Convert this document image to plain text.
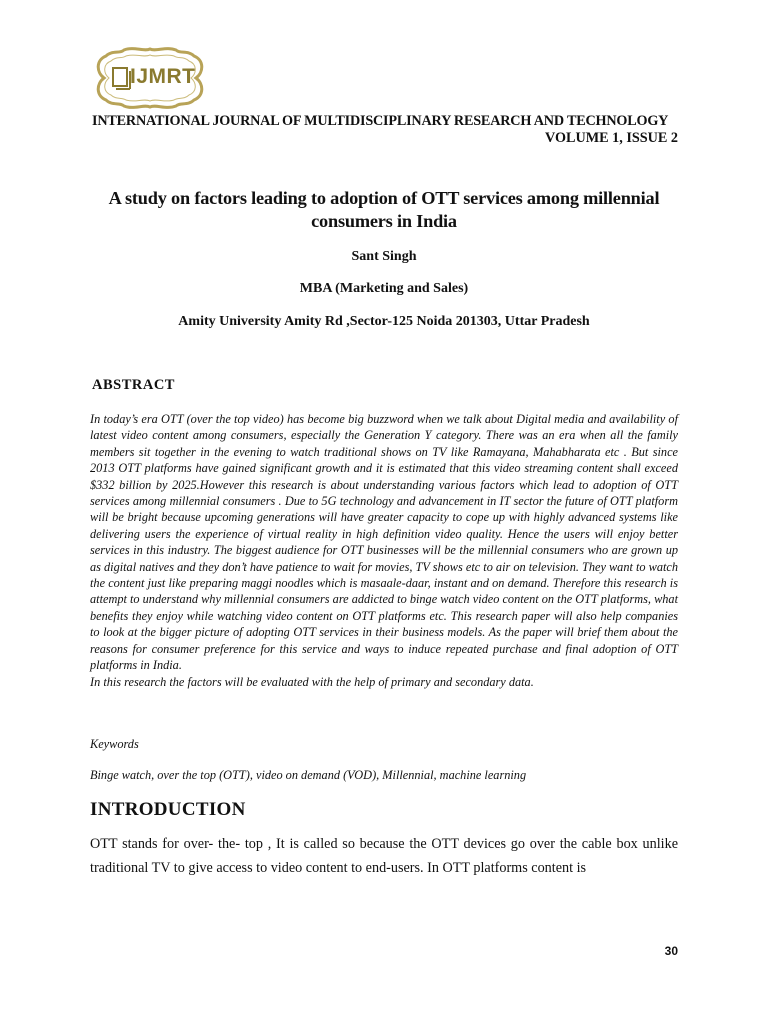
IJMRT
INTERNATIONAL JOURNAL OF MULTIDISCIPLINARY RESEARCH AND TECHNOLOGY
VOLUME 1, ISSUE 2
A study on factors leading to adoption of OTT services among millennial consumers in India
Sant Singh
MBA (Marketing and Sales)
Amity University Amity Rd ,Sector-125 Noida 201303, Uttar Pradesh
ABSTRACT

In today’s era OTT (over the top video) has become big buzzword when we talk about Digital media and availability of latest video content among consumers, especially the Generation Y category. There was an era when all the family members sit together in the evening to watch traditional shows on TV like Ramayana, Mahabharata etc . But since 2013 OTT platforms have gained significant growth and it is estimated that this video streaming content shall exceed $332 billion by 2025.However this research is about understanding various factors which lead to adoption of OTT services among millennial consumers . Due to 5G technology and advancement in IT sector the future of OTT platform will be bright because upcoming generations will have greater capacity to cope up with highly advanced systems like delivering users the experience of virtual reality in high definition video quality. Hence the users will enjoy better services in this industry. The biggest audience for OTT businesses will be the millennial consumers who are grown up as digital natives and they don’t have patience to wait for movies, TV shows etc to air on television. They want to watch the content just like preparing maggi noodles which is masaale-daar, instant and on demand. Therefore this research is attempt to understand why millennial consumers are addicted to binge watch video content on the OTT platforms, what benefits they enjoy while watching video content on OTT platforms etc. This research paper will also help companies to look at the bigger picture of adopting OTT services in their business models. As the paper will brief them about the reasons for consumer preference for this service and ways to induce repeated purchase and final adoption of OTT platforms in India.

In this research the factors will be evaluated with the help of primary and secondary data.

Keywords
Binge watch, over the top (OTT), video on demand (VOD), Millennial, machine learning
INTRODUCTION

OTT stands for over- the- top , It is called so because the OTT devices go over the cable box unlike traditional TV to give access to video content to end-users. In OTT platforms content is

30
